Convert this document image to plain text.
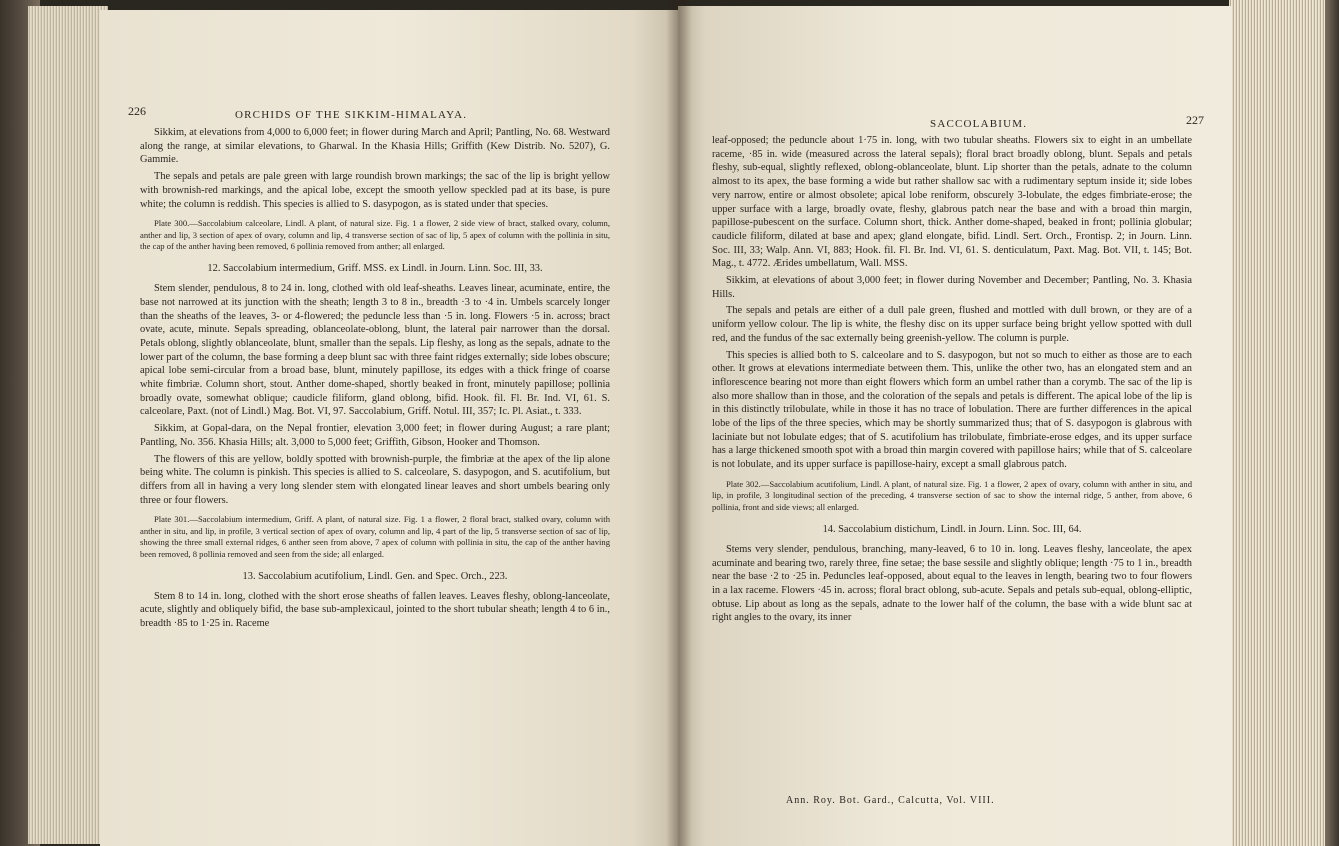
226	ORCHIDS OF THE SIKKIM-HIMALAYA.

Sikkim, at elevations from 4,000 to 6,000 feet; in flower during March and April; Pantling, No. 68. Westward along the range, at similar elevations, to Gharwal. In the Khasia Hills; Griffith (Kew Distrib. No. 5207), G. Gammie.

The sepals and petals are pale green with large roundish brown markings; the sac of the lip is bright yellow with brownish-red markings, and the apical lobe, except the smooth yellow speckled pad at its base, is pure white; the column is reddish. This species is allied to S. dasypogon, as is stated under that species.

Plate 300.—Saccolabium calceolare, Lindl. A plant, of natural size. Fig. 1 a flower, 2 side view of bract, stalked ovary, column, anther and lip, 3 section of apex of ovary, column and lip, 4 transverse section of sac of lip, 5 apex of column with the pollinia in situ, the cap of the anther having been removed, 6 pollinia removed from anther; all enlarged.

12. Saccolabium intermedium, Griff. MSS. ex Lindl. in Journ. Linn. Soc. III, 33.

Stem slender, pendulous, 8 to 24 in. long, clothed with old leaf-sheaths. Leaves linear, acuminate, entire, the base not narrowed at its junction with the sheath; length 3 to 8 in., breadth ·3 to ·4 in. Umbels scarcely longer than the sheaths of the leaves, 3- or 4-flowered; the peduncle less than ·5 in. long. Flowers ·5 in. across; bract ovate, acute, minute. Sepals spreading, oblanceolate-oblong, blunt, the lateral pair narrower than the dorsal. Petals oblong, slightly oblanceolate, blunt, smaller than the sepals. Lip fleshy, as long as the sepals, adnate to the lower part of the column, the base forming a deep blunt sac with three faint ridges externally; side lobes obscure; apical lobe semi-circular from a broad base, blunt, minutely papillose, its edges with a thick fringe of coarse white fimbriæ. Column short, stout. Anther dome-shaped, shortly beaked in front, minutely papillose; pollinia broadly ovate, somewhat oblique; caudicle filiform, gland oblong, bifid. Hook. fil. Fl. Br. Ind. VI, 61. S. calceolare, Paxt. (not of Lindl.) Mag. Bot. VI, 97. Saccolabium, Griff. Notul. III, 357; Ic. Pl. Asiat., t. 333.

Sikkim, at Gopal-dara, on the Nepal frontier, elevation 3,000 feet; in flower during August; a rare plant; Pantling, No. 356. Khasia Hills; alt. 3,000 to 5,000 feet; Griffith, Gibson, Hooker and Thomson.

The flowers of this are yellow, boldly spotted with brownish-purple, the fimbriæ at the apex of the lip alone being white. The column is pinkish. This species is allied to S. calceolare, S. dasypogon, and S. acutifolium, but differs from all in having a very long slender stem with elongated linear leaves and short umbels bearing only three or four flowers.

Plate 301.—Saccolabium intermedium, Griff. A plant, of natural size. Fig. 1 a flower, 2 floral bract, stalked ovary, column with anther in situ, and lip, in profile, 3 vertical section of apex of ovary, column and lip, 4 part of the lip, 5 transverse section of sac of lip, showing the three small external ridges, 6 anther seen from above, 7 apex of column with pollinia in situ, the cap of the anther having been removed, 8 pollinia removed and seen from the side; all enlarged.

13. Saccolabium acutifolium, Lindl. Gen. and Spec. Orch., 223.

Stem 8 to 14 in. long, clothed with the short erose sheaths of fallen leaves. Leaves fleshy, oblong-lanceolate, acute, slightly and obliquely bifid, the base sub-amplexicaul, jointed to the short tubular sheath; length 4 to 6 in., breadth ·85 to 1·25 in. Raceme

SACCOLABIUM.	227

leaf-opposed; the peduncle about 1·75 in. long, with two tubular sheaths. Flowers six to eight in an umbellate raceme, ·85 in. wide (measured across the lateral sepals); floral bract broadly oblong, blunt. Sepals and petals fleshy, sub-equal, slightly reflexed, oblong-oblanceolate, blunt. Lip shorter than the petals, adnate to the column almost to its apex, the base forming a wide but rather shallow sac with a rudimentary septum inside it; side lobes very narrow, entire or almost obsolete; apical lobe reniform, obscurely 3-lobulate, the edges fimbriate-erose; the upper surface with a large, broadly ovate, fleshy, glabrous patch near the base and with a broad thin margin, papillose-pubescent on the surface. Column short, thick. Anther dome-shaped, beaked in front; pollinia globular; caudicle filiform, dilated at base and apex; gland elongate, bifid. Lindl. Sert. Orch., Frontisp. 2; in Journ. Linn. Soc. III, 33; Walp. Ann. VI, 883; Hook. fil. Fl. Br. Ind. VI, 61. S. denticulatum, Paxt. Mag. Bot. VII, t. 145; Bot. Mag., t. 4772. Ærides umbellatum, Wall. MSS.

Sikkim, at elevations of about 3,000 feet; in flower during November and December; Pantling, No. 3. Khasia Hills.

The sepals and petals are either of a dull pale green, flushed and mottled with dull brown, or they are of a uniform yellow colour. The lip is white, the fleshy disc on its upper surface being bright yellow spotted with dull red, and the fundus of the sac externally being greenish-yellow. The column is purple.

This species is allied both to S. calceolare and to S. dasypogon, but not so much to either as those are to each other. It grows at elevations intermediate between them. This, unlike the other two, has an elongated stem and an inflorescence bearing not more than eight flowers which form an umbel rather than a corymb. The sac of the lip is also more shallow than in those, and the coloration of the sepals and petals is different. The apical lobe of the lip is in this distinctly trilobulate, while in those it has no trace of lobulation. There are further differences in the apical lobe of the lips of the three species, which may be shortly summarized thus; that of S. dasypogon is glabrous with laciniate but not lobulate edges; that of S. acutifolium has trilobulate, fimbriate-erose edges, and its upper surface has a large thickened smooth spot with a broad thin margin covered with papillose hairs; while that of S. calceolare is not lobulate, and its upper surface is papillose-hairy, except a small glabrous patch.

Plate 302.—Saccolabium acutifolium, Lindl. A plant, of natural size. Fig. 1 a flower, 2 apex of ovary, column with anther in situ, and lip, in profile, 3 longitudinal section of the preceding, 4 transverse section of sac to show the internal ridge, 5 anther, from above, 6 pollinia, front and side views; all enlarged.

14. Saccolabium distichum, Lindl. in Journ. Linn. Soc. III, 64.

Stems very slender, pendulous, branching, many-leaved, 6 to 10 in. long. Leaves fleshy, lanceolate, the apex acuminate and bearing two, rarely three, fine setae; the base sessile and slightly oblique; length ·75 to 1 in., breadth near the base ·2 to ·25 in. Peduncles leaf-opposed, about equal to the leaves in length, bearing two to four flowers in a lax raceme. Flowers ·45 in. across; floral bract oblong, sub-acute. Sepals and petals sub-equal, oblong-elliptic, obtuse. Lip about as long as the sepals, adnate to the lower half of the column, the base with a wide blunt sac at right angles to the ovary, its inner

Ann. Roy. Bot. Gard., Calcutta, Vol. VIII.
